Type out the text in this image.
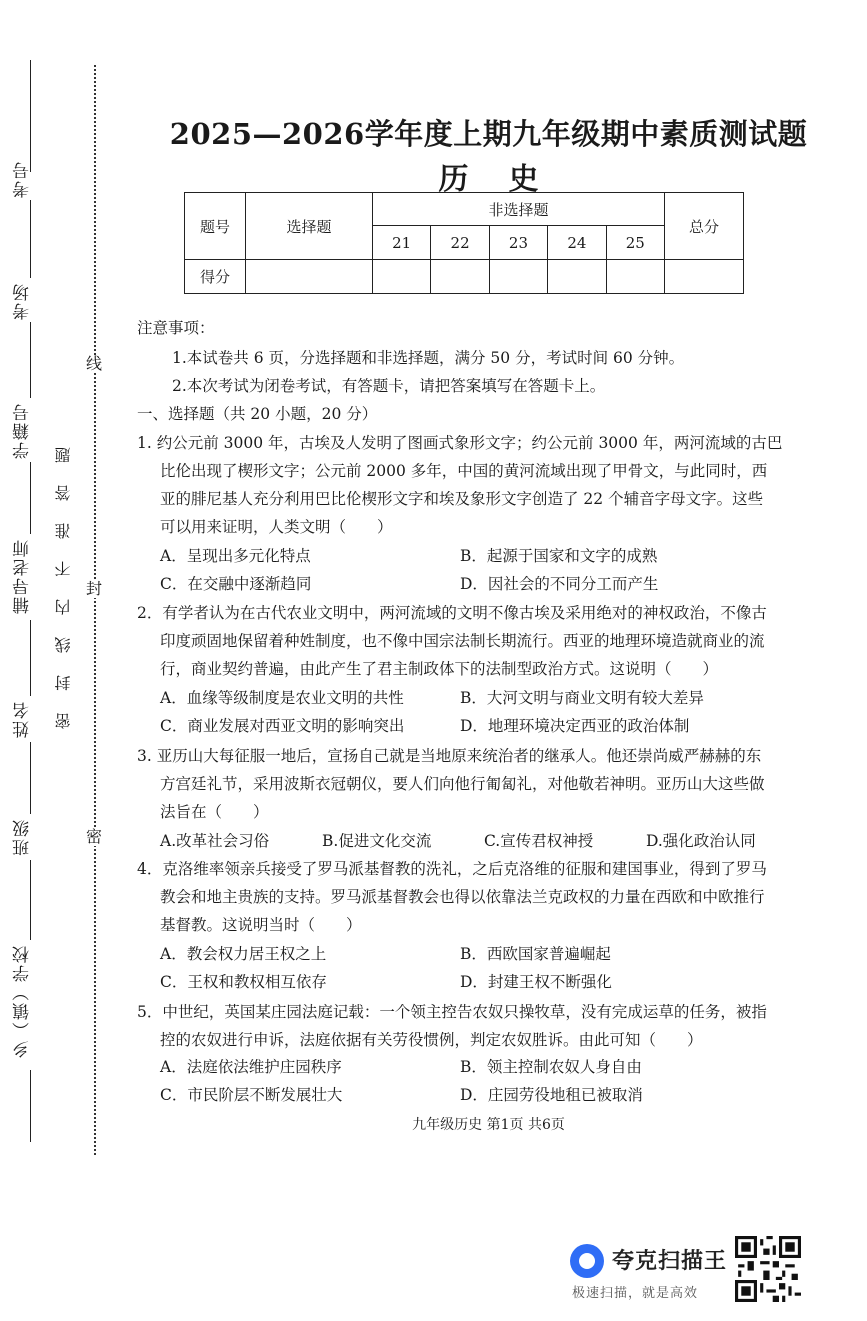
考号
考场
学籍号
辅导老师
姓名
班级
乡（镇）学校
密封线内不准答题
线
封
密
2025—2026学年度上期九年级期中素质测试题
历史
题号	选择题	非选择题					总分
		21	22	23	24	25	
得分							
注意事项：
1.本试卷共 6 页，分选择题和非选择题，满分 50 分，考试时间 60 分钟。
2.本次考试为闭卷考试，有答题卡，请把答案填写在答题卡上。
一、选择题（共 20 小题，20 分）
1. 约公元前 3000 年，古埃及人发明了图画式象形文字；约公元前 3000 年，两河流域的古巴
比伦出现了楔形文字；公元前 2000 多年，中国的黄河流域出现了甲骨文，与此同时，西
亚的腓尼基人充分利用巴比伦楔形文字和埃及象形文字创造了 22 个辅音字母文字。这些
可以用来证明，人类文明（　　）
A．呈现出多元化特点	B．起源于国家和文字的成熟
C．在交融中逐渐趋同	D．因社会的不同分工而产生
2．有学者认为在古代农业文明中，两河流域的文明不像古埃及采用绝对的神权政治，不像古
印度顽固地保留着种姓制度，也不像中国宗法制长期流行。西亚的地理环境造就商业的流
行，商业契约普遍，由此产生了君主制政体下的法制型政治方式。这说明（　　）
A．血缘等级制度是农业文明的共性	B．大河文明与商业文明有较大差异
C．商业发展对西亚文明的影响突出	D．地理环境决定西亚的政治体制
3. 亚历山大每征服一地后，宣扬自己就是当地原来统治者的继承人。他还崇尚威严赫赫的东
方宫廷礼节，采用波斯衣冠朝仪，要人们向他行匍匐礼，对他敬若神明。亚历山大这些做
法旨在（　　）
A.改革社会习俗	B.促进文化交流	C.宣传君权神授	D.强化政治认同
4．克洛维率领亲兵接受了罗马派基督教的洗礼，之后克洛维的征服和建国事业，得到了罗马
教会和地主贵族的支持。罗马派基督教会也得以依靠法兰克政权的力量在西欧和中欧推行
基督教。这说明当时（　　）
A．教会权力居王权之上	B．西欧国家普遍崛起
C．王权和教权相互依存	D．封建王权不断强化
5．中世纪，英国某庄园法庭记载：一个领主控告农奴只操牧草，没有完成运草的任务，被指
控的农奴进行申诉，法庭依据有关劳役惯例，判定农奴胜诉。由此可知（　　）
A．法庭依法维护庄园秩序	B．领主控制农奴人身自由
C．市民阶层不断发展壮大	D．庄园劳役地租已被取消
九年级历史 第1页 共6页
夸克扫描王
极速扫描，就是高效
